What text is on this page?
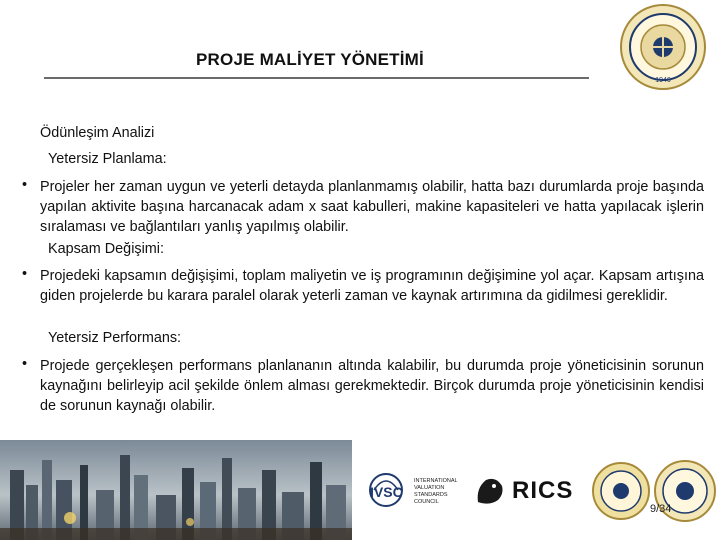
PROJE MALİYET YÖNETİMİ
1946
Ödünleşim Analizi
Yetersiz Planlama:
• Projeler her zaman uygun ve yeterli detayda planlanmamış olabilir, hatta bazı durumlarda proje başında yapılan aktivite başına harcanacak adam x saat kabulleri, makine kapasiteleri ve hatta yapılacak işlerin sıralaması ve bağlantıları yanlış yapılmış olabilir.
Kapsam Değişimi:
• Projedeki kapsamın değişişimi, toplam maliyetin ve iş programının değişimine yol açar. Kapsam artışına giden projelerde bu karara paralel olarak yeterli zaman ve kaynak artırımına da gidilmesi gereklidir.
Yetersiz Performans:
• Projede gerçekleşen performans planlananın altında kalabilir, bu durumda proje yöneticisinin sorunun kaynağını belirleyip acil şekilde önlem alması gerekmektedir. Birçok durumda proje yöneticisinin kendisi de sorunun kaynağı olabilir.
IVSC
INTERNATIONAL VALUATION STANDARDS COUNCIL	RICS
9/34
